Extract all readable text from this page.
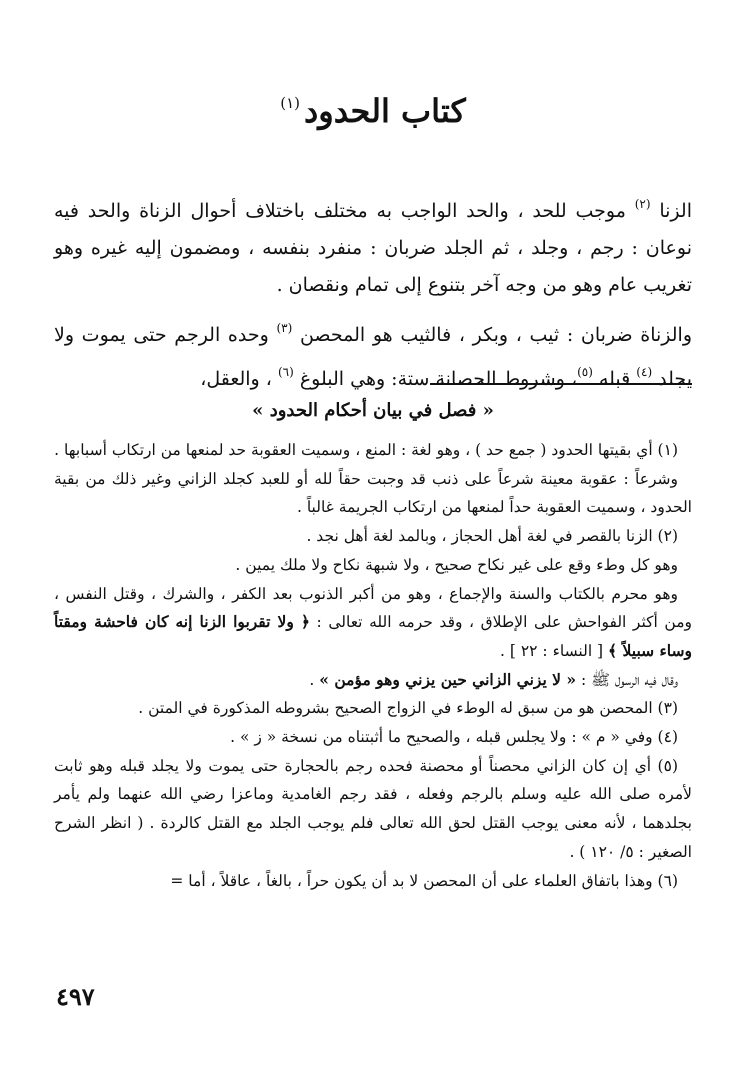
كتاب الحدود$^{(١)}$

الزنا $^{(٢)}$ موجب للحد ، والحد الواجب به مختلف باختلاف أحوال الزناة والحد فيه نوعان : رجم ، وجلد ، ثم الجلد ضربان : منفرد بنفسه ، ومضمون إليه غيره وهو تغريب عام وهو من وجه آخر بتنوع إلى تمام ونقصان .

والزناة ضربان : ثيب ، وبكر ، فالثيب هو المحصن $^{(٣)}$ وحده الرجم حتى يموت ولا يجلد $^{(٤)}$ قبله $^{(٥)}$، وشروط الحصانة ستة: وهي البلوغ $^{(٦)}$ ، والعقل،

« فصل في بيان أحكام الحدود »

(١) أي بقيتها الحدود ( جمع حد ) ، وهو لغة : المنع ، وسميت العقوبة حد لمنعها من ارتكاب أسبابها .

وشرعاً : عقوبة معينة شرعاً على ذنب قد وجبت حقاً لله أو للعبد كجلد الزاني وغير ذلك من بقية الحدود ، وسميت العقوبة حداً لمنعها من ارتكاب الجريمة غالباً .

(٢) الزنا بالقصر في لغة أهل الحجاز ، وبالمد لغة أهل نجد .

وهو كل وطء وقع على غير نكاح صحيح ، ولا شبهة نكاح ولا ملك يمين .

وهو محرم بالكتاب والسنة والإجماع ، وهو من أكبر الذنوب بعد الكفر ، والشرك ، وقتل النفس ، ومن أكثر الفواحش على الإطلاق ، وقد حرمه الله تعالى : ﴿ ولا تقربوا الزنا إنه كان فاحشة ومقتاً وساء سبيلاً ﴾ [ النساء : ٢٢ ] .

وقال فيه الرسول ﷺ : « لا يزني الزاني حين يزني وهو مؤمن » .

(٣) المحصن هو من سبق له الوطء في الزواج الصحيح بشروطه المذكورة في المتن .

(٤) وفي « م » : ولا يجلس قبله ، والصحيح ما أثبتناه من نسخة « ز » .

(٥) أي إن كان الزاني محصناً أو محصنة فحده رجم بالحجارة حتى يموت ولا يجلد قبله وهو ثابت لأمره صلى الله عليه وسلم بالرجم وفعله ، فقد رجم الغامدية وماعزا رضي الله عنهما ولم يأمر بجلدهما ، لأنه معنى يوجب القتل لحق الله تعالى فلم يوجب الجلد مع القتل كالردة . ( انظر الشرح الصغير : ٥/ ١٢٠ ) .

(٦) وهذا باتفاق العلماء على أن المحصن لا بد أن يكون حراً ، بالغاً ، عاقلاً ، أما =

٤٩٧
